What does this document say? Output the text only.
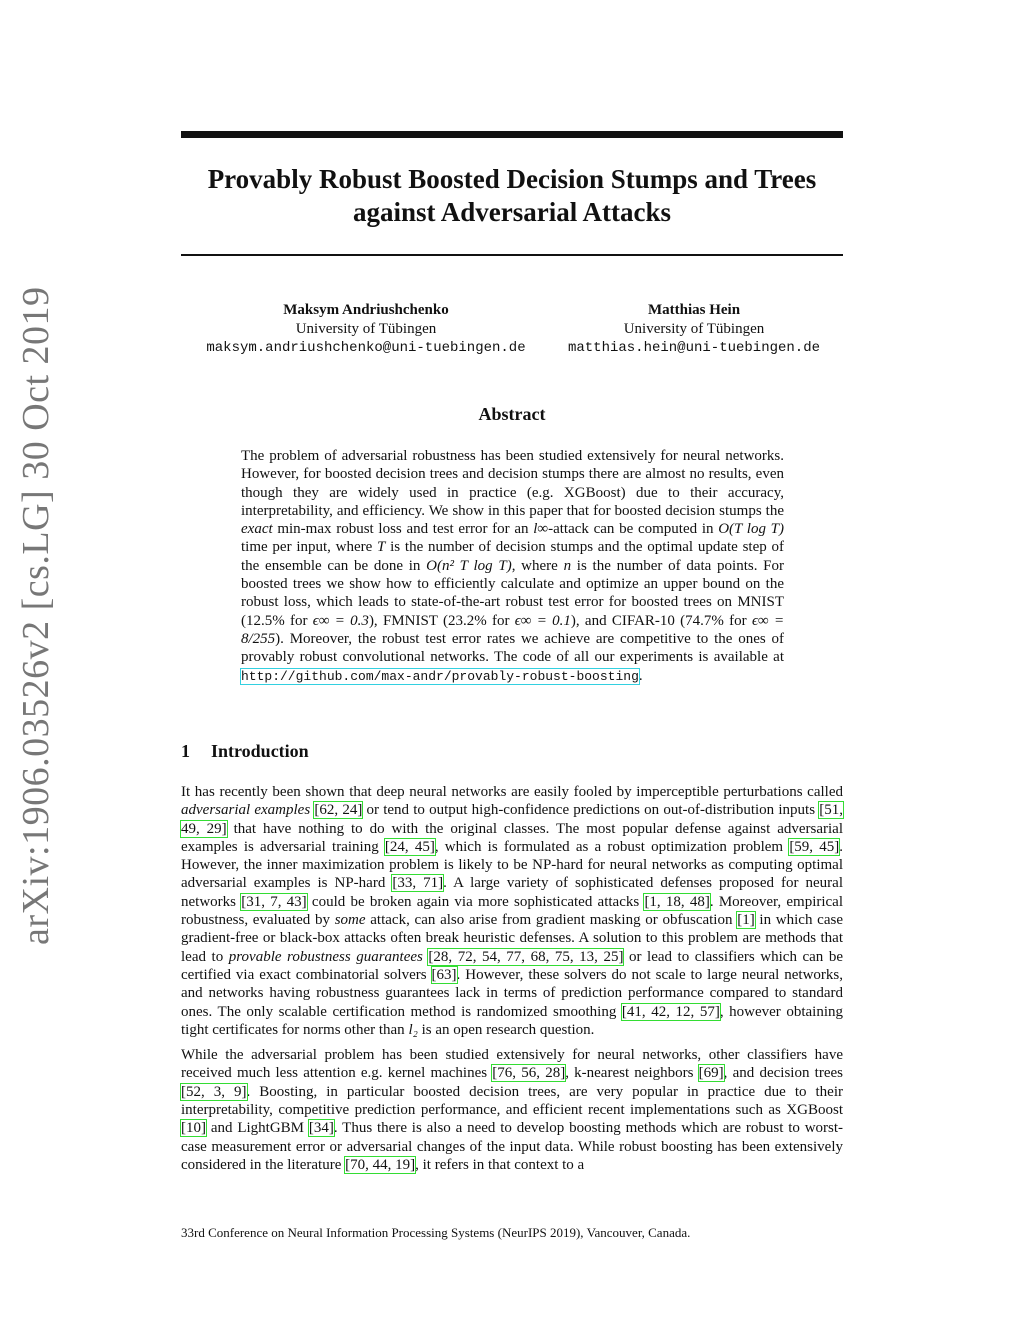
arXiv:1906.03526v2 [cs.LG] 30 Oct 2019
Provably Robust Boosted Decision Stumps and Trees against Adversarial Attacks
Maksym Andriushchenko
University of Tübingen
maksym.andriushchenko@uni-tuebingen.de
Matthias Hein
University of Tübingen
matthias.hein@uni-tuebingen.de
Abstract

The problem of adversarial robustness has been studied extensively for neural networks. However, for boosted decision trees and decision stumps there are almost no results, even though they are widely used in practice (e.g. XGBoost) due to their accuracy, interpretability, and efficiency. We show in this paper that for boosted decision stumps the exact min-max robust loss and test error for an l∞-attack can be computed in O(T log T) time per input, where T is the number of decision stumps and the optimal update step of the ensemble can be done in O(n² T log T), where n is the number of data points. For boosted trees we show how to efficiently calculate and optimize an upper bound on the robust loss, which leads to state-of-the-art robust test error for boosted trees on MNIST (12.5% for ϵ∞ = 0.3), FMNIST (23.2% for ϵ∞ = 0.1), and CIFAR-10 (74.7% for ϵ∞ = 8/255). Moreover, the robust test error rates we achieve are competitive to the ones of provably robust convolutional networks. The code of all our experiments is available at http://github.com/max-andr/provably-robust-boosting.

1 Introduction

It has recently been shown that deep neural networks are easily fooled by imperceptible perturbations called adversarial examples [62, 24] or tend to output high-confidence predictions on out-of-distribution inputs [51, 49, 29] that have nothing to do with the original classes. The most popular defense against adversarial examples is adversarial training [24, 45], which is formulated as a robust optimization problem [59, 45]. However, the inner maximization problem is likely to be NP-hard for neural networks as computing optimal adversarial examples is NP-hard [33, 71]. A large variety of sophisticated defenses proposed for neural networks [31, 7, 43] could be broken again via more sophisticated attacks [1, 18, 48]. Moreover, empirical robustness, evaluated by some attack, can also arise from gradient masking or obfuscation [1] in which case gradient-free or black-box attacks often break heuristic defenses. A solution to this problem are methods that lead to provable robustness guarantees [28, 72, 54, 77, 68, 75, 13, 25] or lead to classifiers which can be certified via exact combinatorial solvers [63]. However, these solvers do not scale to large neural networks, and networks having robustness guarantees lack in terms of prediction performance compared to standard ones. The only scalable certification method is randomized smoothing [41, 42, 12, 57], however obtaining tight certificates for norms other than l₂ is an open research question.

While the adversarial problem has been studied extensively for neural networks, other classifiers have received much less attention e.g. kernel machines [76, 56, 28], k-nearest neighbors [69], and decision trees [52, 3, 9]. Boosting, in particular boosted decision trees, are very popular in practice due to their interpretability, competitive prediction performance, and efficient recent implementations such as XGBoost [10] and LightGBM [34]. Thus there is also a need to develop boosting methods which are robust to worst-case measurement error or adversarial changes of the input data. While robust boosting has been extensively considered in the literature [70, 44, 19], it refers in that context to a

33rd Conference on Neural Information Processing Systems (NeurIPS 2019), Vancouver, Canada.
